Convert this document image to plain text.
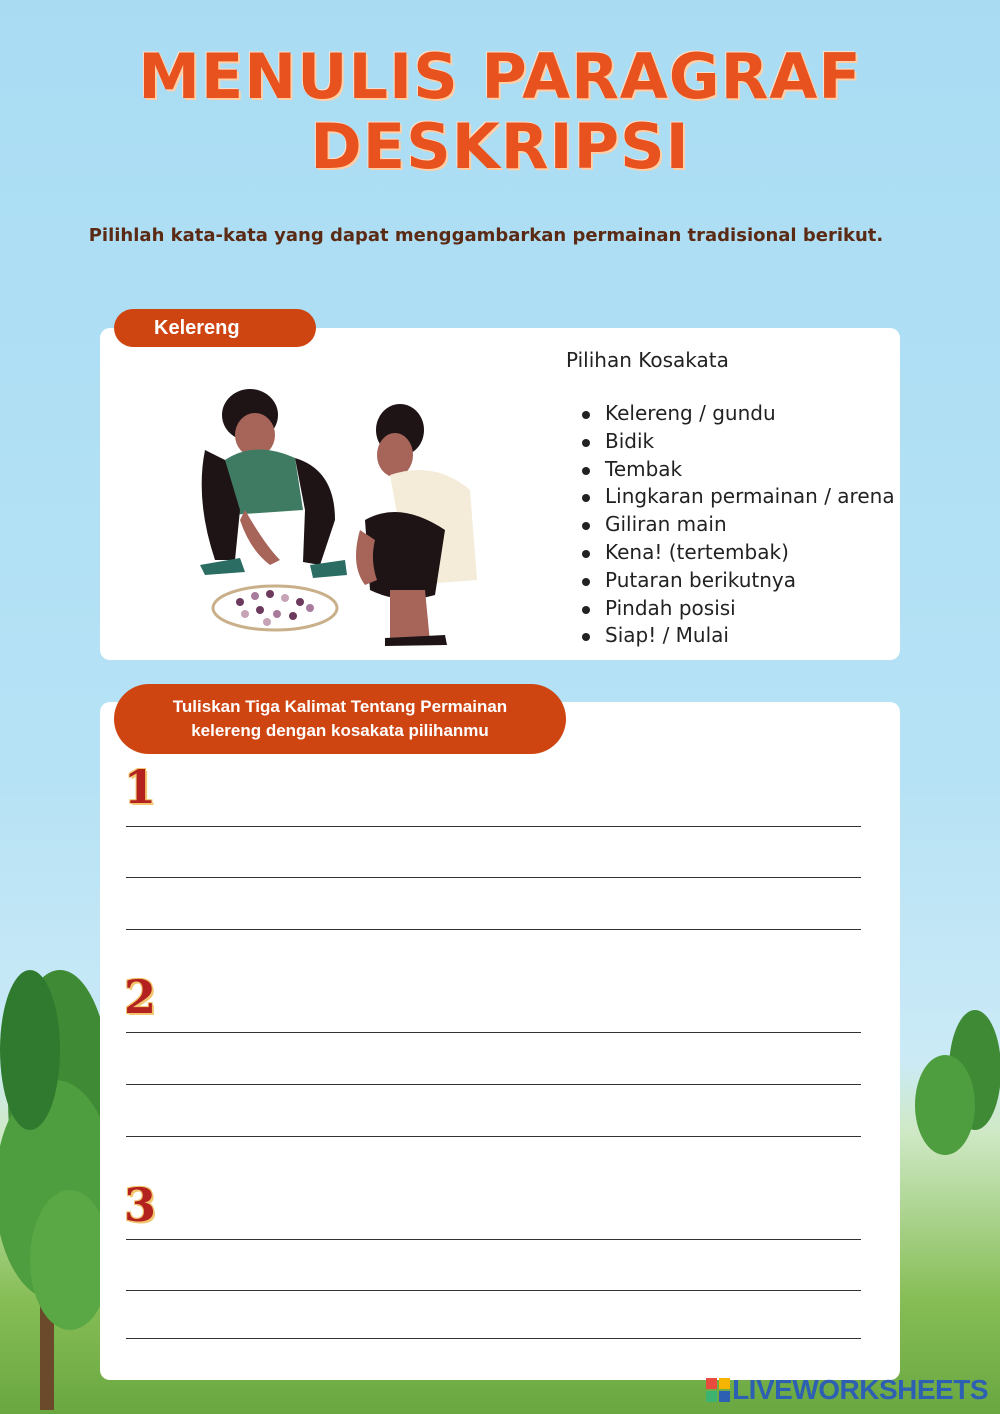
MENULIS PARAGRAF
DESKRIPSI
Pilihlah kata-kata yang dapat menggambarkan permainan tradisional berikut.
Kelereng
Pilihan Kosakata
Kelereng / gundu
Bidik
Tembak
Lingkaran permainan / arena
Giliran main
Kena! (tertembak)
Putaran berikutnya
Pindah posisi
Siap! / Mulai
Tuliskan Tiga Kalimat Tentang Permainan
kelereng dengan kosakata pilihanmu
1
2
3
LIVEWORKSHEETS
